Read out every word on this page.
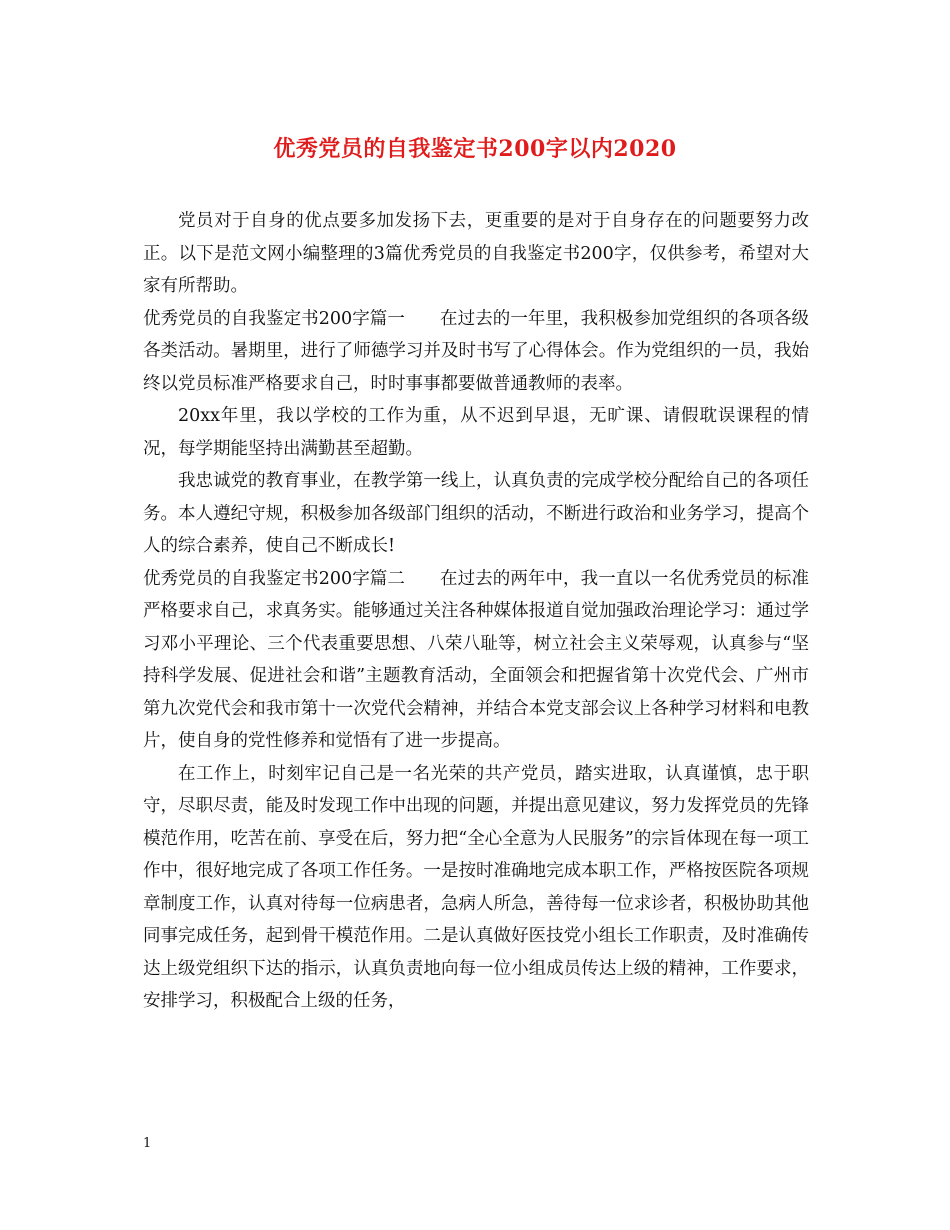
优秀党员的自我鉴定书200字以内2020

党员对于自身的优点要多加发扬下去，更重要的是对于自身存在的问题要努力改正。以下是范文网小编整理的3篇优秀党员的自我鉴定书200字，仅供参考，希望对大家有所帮助。

优秀党员的自我鉴定书200字篇一　　在过去的一年里，我积极参加党组织的各项各级各类活动。暑期里，进行了师德学习并及时书写了心得体会。作为党组织的一员，我始终以党员标准严格要求自己，时时事事都要做普通教师的表率。

20xx年里，我以学校的工作为重，从不迟到早退，无旷课、请假耽误课程的情况，每学期能坚持出满勤甚至超勤。

我忠诚党的教育事业，在教学第一线上，认真负责的完成学校分配给自己的各项任务。本人遵纪守规，积极参加各级部门组织的活动，不断进行政治和业务学习，提高个人的综合素养，使自己不断成长!

优秀党员的自我鉴定书200字篇二　　在过去的两年中，我一直以一名优秀党员的标准严格要求自己，求真务实。能够通过关注各种媒体报道自觉加强政治理论学习：通过学习邓小平理论、三个代表重要思想、八荣八耻等，树立社会主义荣辱观，认真参与“坚持科学发展、促进社会和谐”主题教育活动，全面领会和把握省第十次党代会、广州市第九次党代会和我市第十一次党代会精神，并结合本党支部会议上各种学习材料和电教片，使自身的党性修养和觉悟有了进一步提高。

在工作上，时刻牢记自己是一名光荣的共产党员，踏实进取，认真谨慎，忠于职守，尽职尽责，能及时发现工作中出现的问题，并提出意见建议，努力发挥党员的先锋模范作用，吃苦在前、享受在后，努力把“全心全意为人民服务”的宗旨体现在每一项工作中，很好地完成了各项工作任务。一是按时准确地完成本职工作，严格按医院各项规章制度工作，认真对待每一位病患者，急病人所急，善待每一位求诊者，积极协助其他同事完成任务，起到骨干模范作用。二是认真做好医技党小组长工作职责，及时准确传达上级党组织下达的指示，认真负责地向每一位小组成员传达上级的精神，工作要求，安排学习，积极配合上级的任务，

1
